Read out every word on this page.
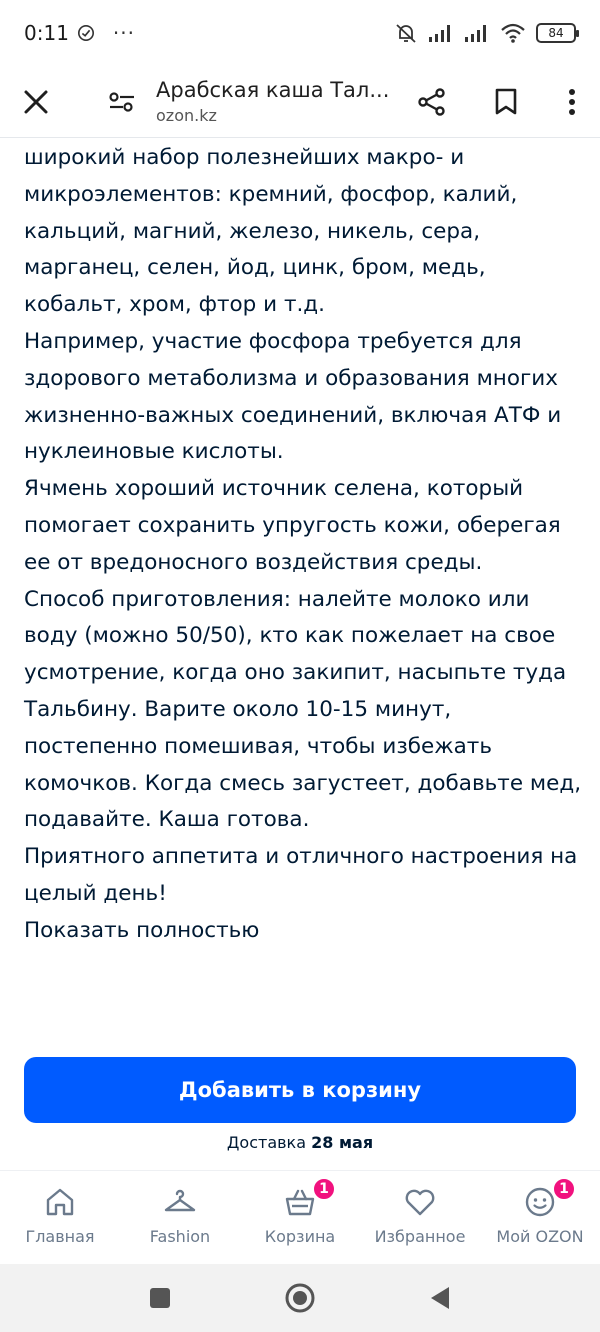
0:11 ···	84
Арабская каша Тал...
ozon.kz

широкий набор полезнейших макро- и микроэлементов: кремний, фосфор, калий, кальций, магний, железо, никель, сера, марганец, селен, йод, цинк, бром, медь, кобальт, хром, фтор и т.д.

Например, участие фосфора требуется для здорового метаболизма и образования многих жизненно-важных соединений, включая АТФ и нуклеиновые кислоты.

Ячмень хороший источник селена, который помогает сохранить упругость кожи, оберегая ее от вредоносного воздействия среды.

Способ приготовления: налейте молоко или воду (можно 50/50), кто как пожелает на свое усмотрение, когда оно закипит, насыпьте туда Тальбину. Варите около 10-15 минут, постепенно помешивая, чтобы избежать комочков. Когда смесь загустеет, добавьте мед, подавайте. Каша готова.

Приятного аппетита и отличного настроения на целый день!

Показать полностью

Добавить в корзину
Доставка 28 мая
Главная	Fashion
1
Корзина Избранное
1
Мой OZON
